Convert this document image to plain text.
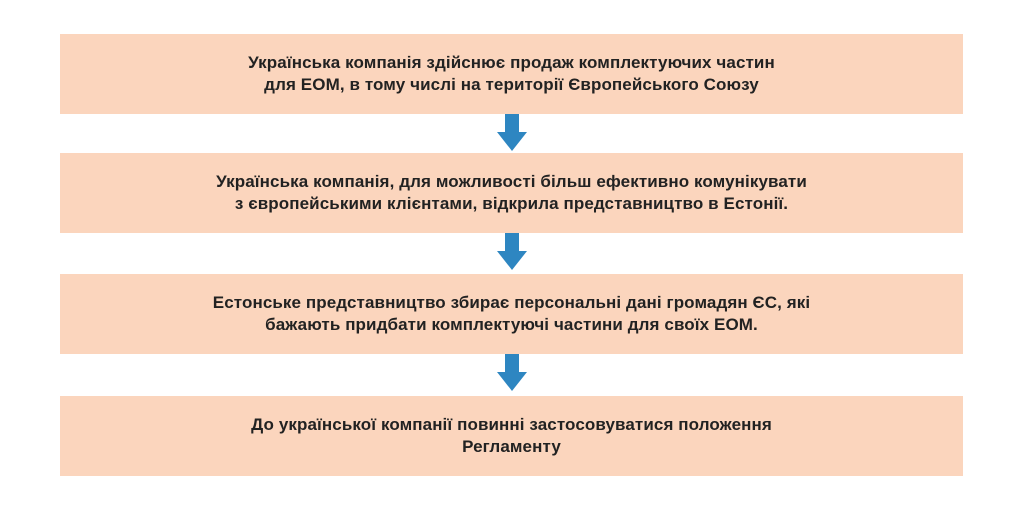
Українська компанія здійснює продаж комплектуючих частин
для ЕОМ, в тому числі на території Європейського Союзу
Українська компанія, для можливості більш ефективно комунікувати
з європейськими клієнтами, відкрила представництво в Естонії.
Естонське представництво збирає персональні дані громадян ЄС, які
бажають придбати комплектуючі частини для своїх ЕОМ.
До української компанії повинні застосовуватися положення
Регламенту
